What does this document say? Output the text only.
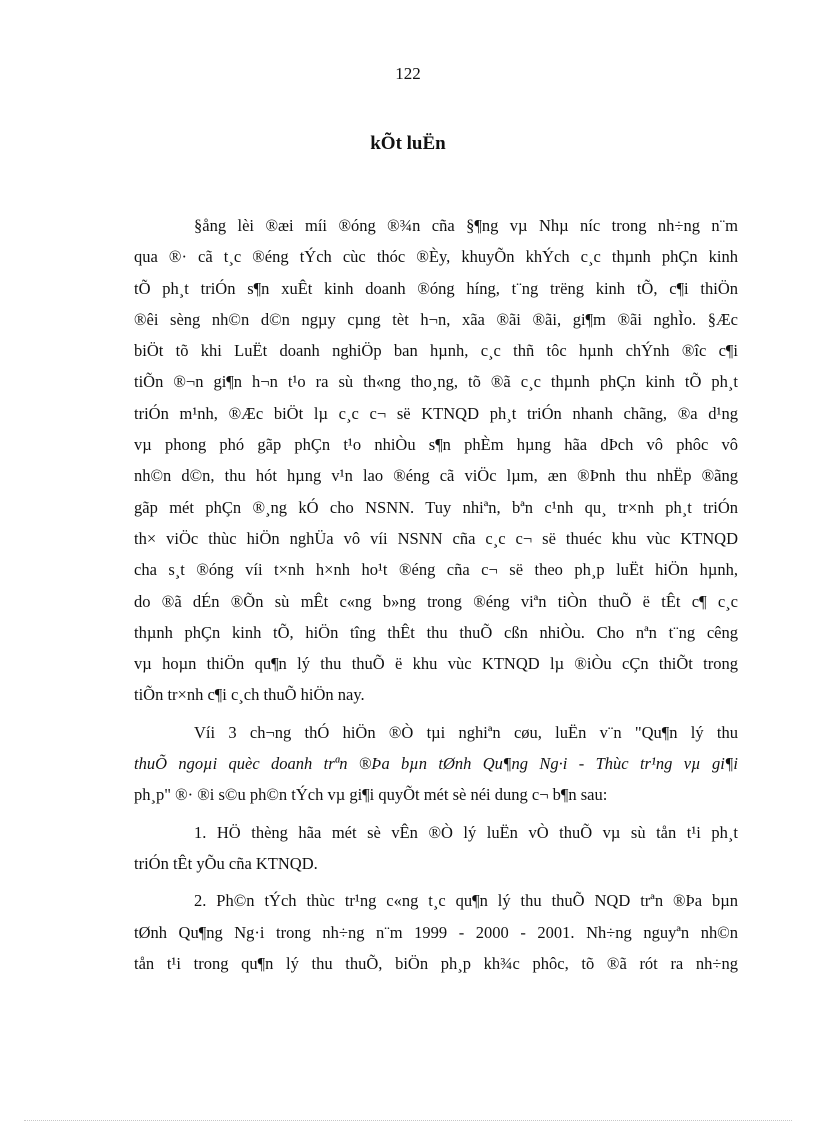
122
kÕt luËn
§ång lèi ®æi míi ®óng ®¾n cña §¶ng vµ Nhµ níc trong nh÷ng n¨m
qua ®· cã t¸c ®éng tÝch cùc thóc ®Èy, khuyÕn khÝch c¸c thµnh phÇn kinh
tÕ ph¸t triÓn s¶n xuÊt kinh doanh ®óng híng, t¨ng trëng kinh tÕ, c¶i thiÖn
®êi sèng nh©n d©n ngµy cµng tèt h¬n, xãa ®ãi ®ãi, gi¶m ®ãi nghÌo. §Æc
biÖt tõ khi LuËt doanh nghiÖp ban hµnh, c¸c thñ tôc hµnh chÝnh ®îc c¶i
tiÕn ®¬n gi¶n h¬n t¹o ra sù th«ng tho¸ng, tõ ®ã c¸c thµnh phÇn kinh tÕ ph¸t
triÓn m¹nh, ®Æc biÖt lµ c¸c c¬ së KTNQD ph¸t triÓn nhanh chãng, ®a d¹ng
vµ phong phó gãp phÇn t¹o nhiÒu s¶n phÈm hµng hãa dÞch vô phôc vô
nh©n d©n, thu hót hµng v¹n lao ®éng cã viÖc lµm, æn ®Þnh thu nhËp ®ãng
gãp mét phÇn ®¸ng kÓ cho NSNN. Tuy nhiªn, bªn c¹nh qu¸ tr×nh ph¸t triÓn
th× viÖc thùc hiÖn nghÜa vô víi NSNN cña c¸c c¬ së thuéc khu vùc KTNQD
cha s¸t ®óng víi t×nh h×nh ho¹t ®éng cña c¬ së theo ph¸p luËt hiÖn hµnh,
do ®ã dÉn ®Õn sù mÊt c«ng b»ng trong ®éng viªn tiÒn thuÕ ë tÊt c¶ c¸c
thµnh phÇn kinh tÕ, hiÖn tîng thÊt thu thuÕ cßn nhiÒu. Cho nªn t¨ng cêng
vµ hoµn thiÖn qu¶n lý thu thuÕ ë khu vùc KTNQD lµ ®iÒu cÇn thiÕt trong
tiÕn tr×nh c¶i c¸ch thuÕ hiÖn nay.
Víi 3 ch¬ng thÓ hiÖn ®Ò tµi nghiªn cøu, luËn v¨n "Qu¶n lý thu
thuÕ ngoµi quèc doanh trªn ®Þa bµn tØnh Qu¶ng Ng·i - Thùc tr¹ng vµ gi¶i
ph¸p" ®· ®i s©u ph©n tÝch vµ gi¶i quyÕt mét sè néi dung c¬ b¶n sau:
1. HÖ thèng hãa mét sè vÊn ®Ò lý luËn vÒ thuÕ vµ sù tån t¹i ph¸t
triÓn tÊt yÕu cña KTNQD.
2. Ph©n tÝch thùc tr¹ng c«ng t¸c qu¶n lý thu thuÕ NQD trªn ®Þa bµn
tØnh Qu¶ng Ng·i trong nh÷ng n¨m 1999 - 2000 - 2001. Nh÷ng nguyªn nh©n
tån t¹i trong qu¶n lý thu thuÕ, biÖn ph¸p kh¾c phôc, tõ ®ã rót ra nh÷ng
